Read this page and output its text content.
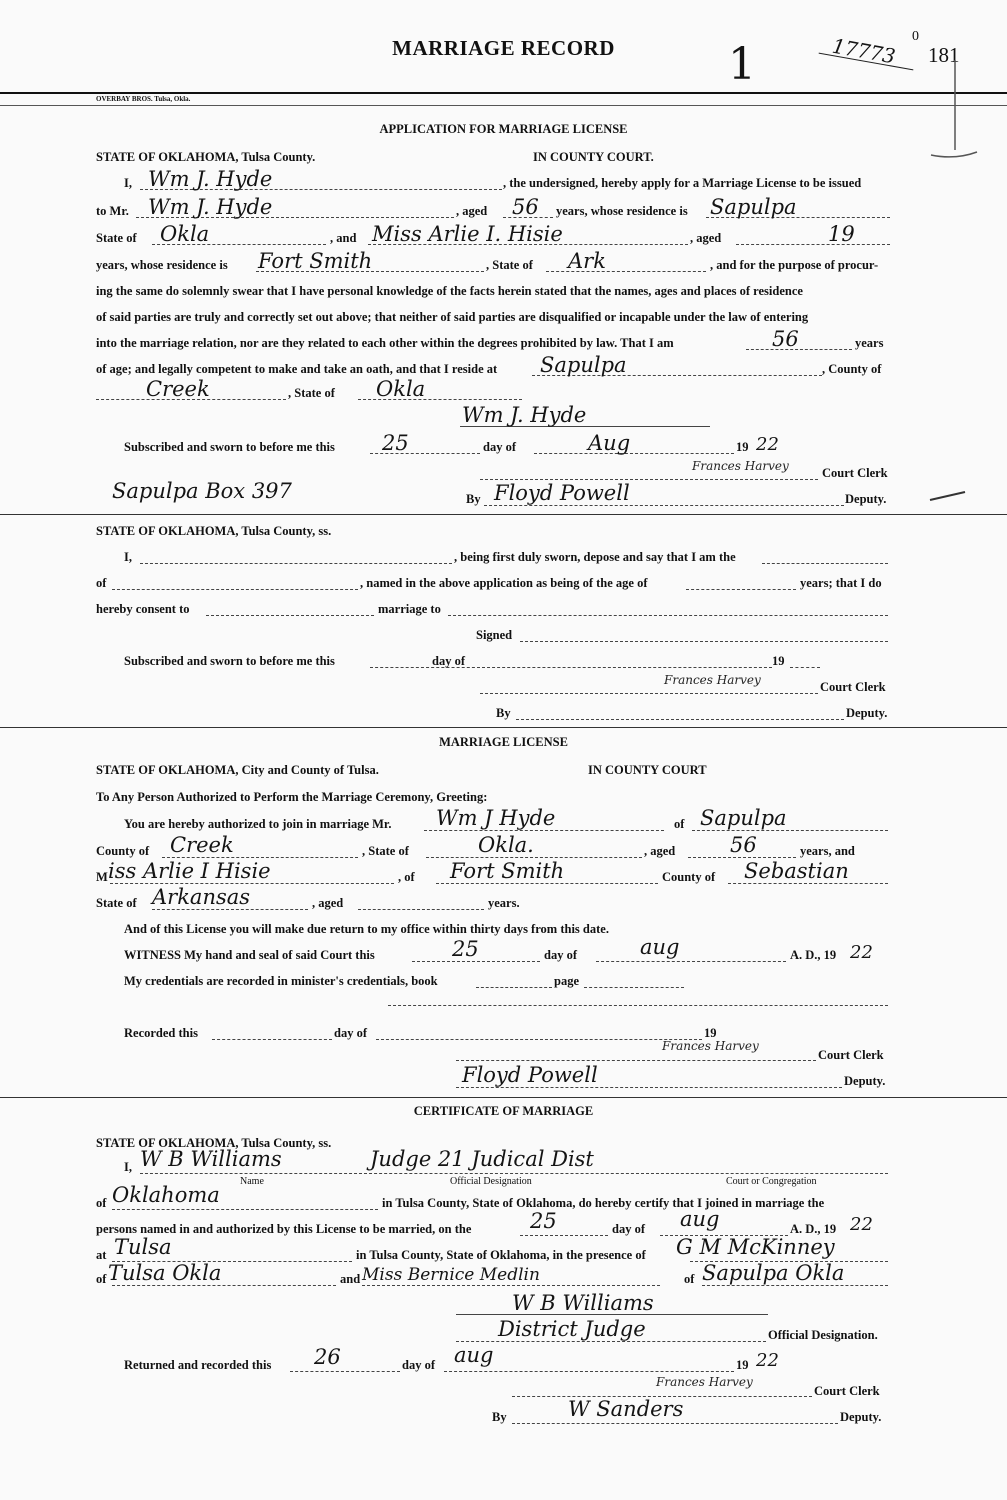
MARRIAGE RECORD	1	17773 0
181
OVERBAY BROS. Tulsa, Okla.
APPLICATION FOR MARRIAGE LICENSE
STATE OF OKLAHOMA, Tulsa County.	IN COUNTY COURT.
I, Wm J. Hyde	, the undersigned, hereby apply for a Marriage License to be issued
to Mr. Wm J. Hyde	, aged 56 years, whose residence is Sapulpa
State of Okla	, and Miss Arlie I. Hisie	, aged	19
years, whose residence is Fort Smith	, State of Ark	, and for the purpose of procur-
ing the same do solemnly swear that I have personal knowledge of the facts herein stated that the names, ages and places of residence
of said parties are truly and correctly set out above; that neither of said parties are disqualified or incapable under the law of entering
into the marriage relation, nor are they related to each other within the degrees prohibited by law. That I am	56	years
of age; and legally competent to make and take an oath, and that I reside at Sapulpa	, County of
Creek	, State of Okla
Wm J. Hyde
Subscribed and sworn to before me this 25	day of	Aug	19 22
Frances Harvey	Court Clerk
Sapulpa Box 397	By Floyd Powell	Deputy.
STATE OF OKLAHOMA, Tulsa County, ss.
I,	, being first duly sworn, depose and say that I am the
of	, named in the above application as being of the age of	years; that I do
hereby consent to	marriage to
Signed
Subscribed and sworn to before me this	day of	19
Frances Harvey	Court Clerk
By	Deputy.
MARRIAGE LICENSE
STATE OF OKLAHOMA, City and County of Tulsa.	IN COUNTY COURT
To Any Person Authorized to Perform the Marriage Ceremony, Greeting:
You are hereby authorized to join in marriage Mr. Wm J Hyde	of Sapulpa
County of Creek	, State of	Okla.	, aged	56	years, and
M iss Arlie I Hisie	, of Fort Smith	County of Sebastian
State of Arkansas	, aged	years.
And of this License you will make due return to my office within thirty days from this date.
WITNESS My hand and seal of said Court this	25	day of	aug	A. D., 19 22
My credentials are recorded in minister's credentials, book	page
Recorded this	day of	19
Frances Harvey
Court Clerk
Floyd Powell	Deputy.
CERTIFICATE OF MARRIAGE
STATE OF OKLAHOMA, Tulsa County, ss.
I, W B Williams	Judge 21 Judical Dist
Name	Official Designation	Court or Congregation
of Oklahoma	in Tulsa County, State of Oklahoma, do hereby certify that I joined in marriage the
persons named in and authorized by this License to be married, on the	25	day of aug	A. D., 19 22
at Tulsa	in Tulsa County, State of Oklahoma, in the presence of G M McKinney
of Tulsa Okla	and Miss Bernice Medlin	of Sapulpa Okla
W B Williams
District Judge	Official Designation.
Returned and recorded this 26	day of aug	19 22
Frances Harvey
Court Clerk
By	W Sanders	Deputy.
